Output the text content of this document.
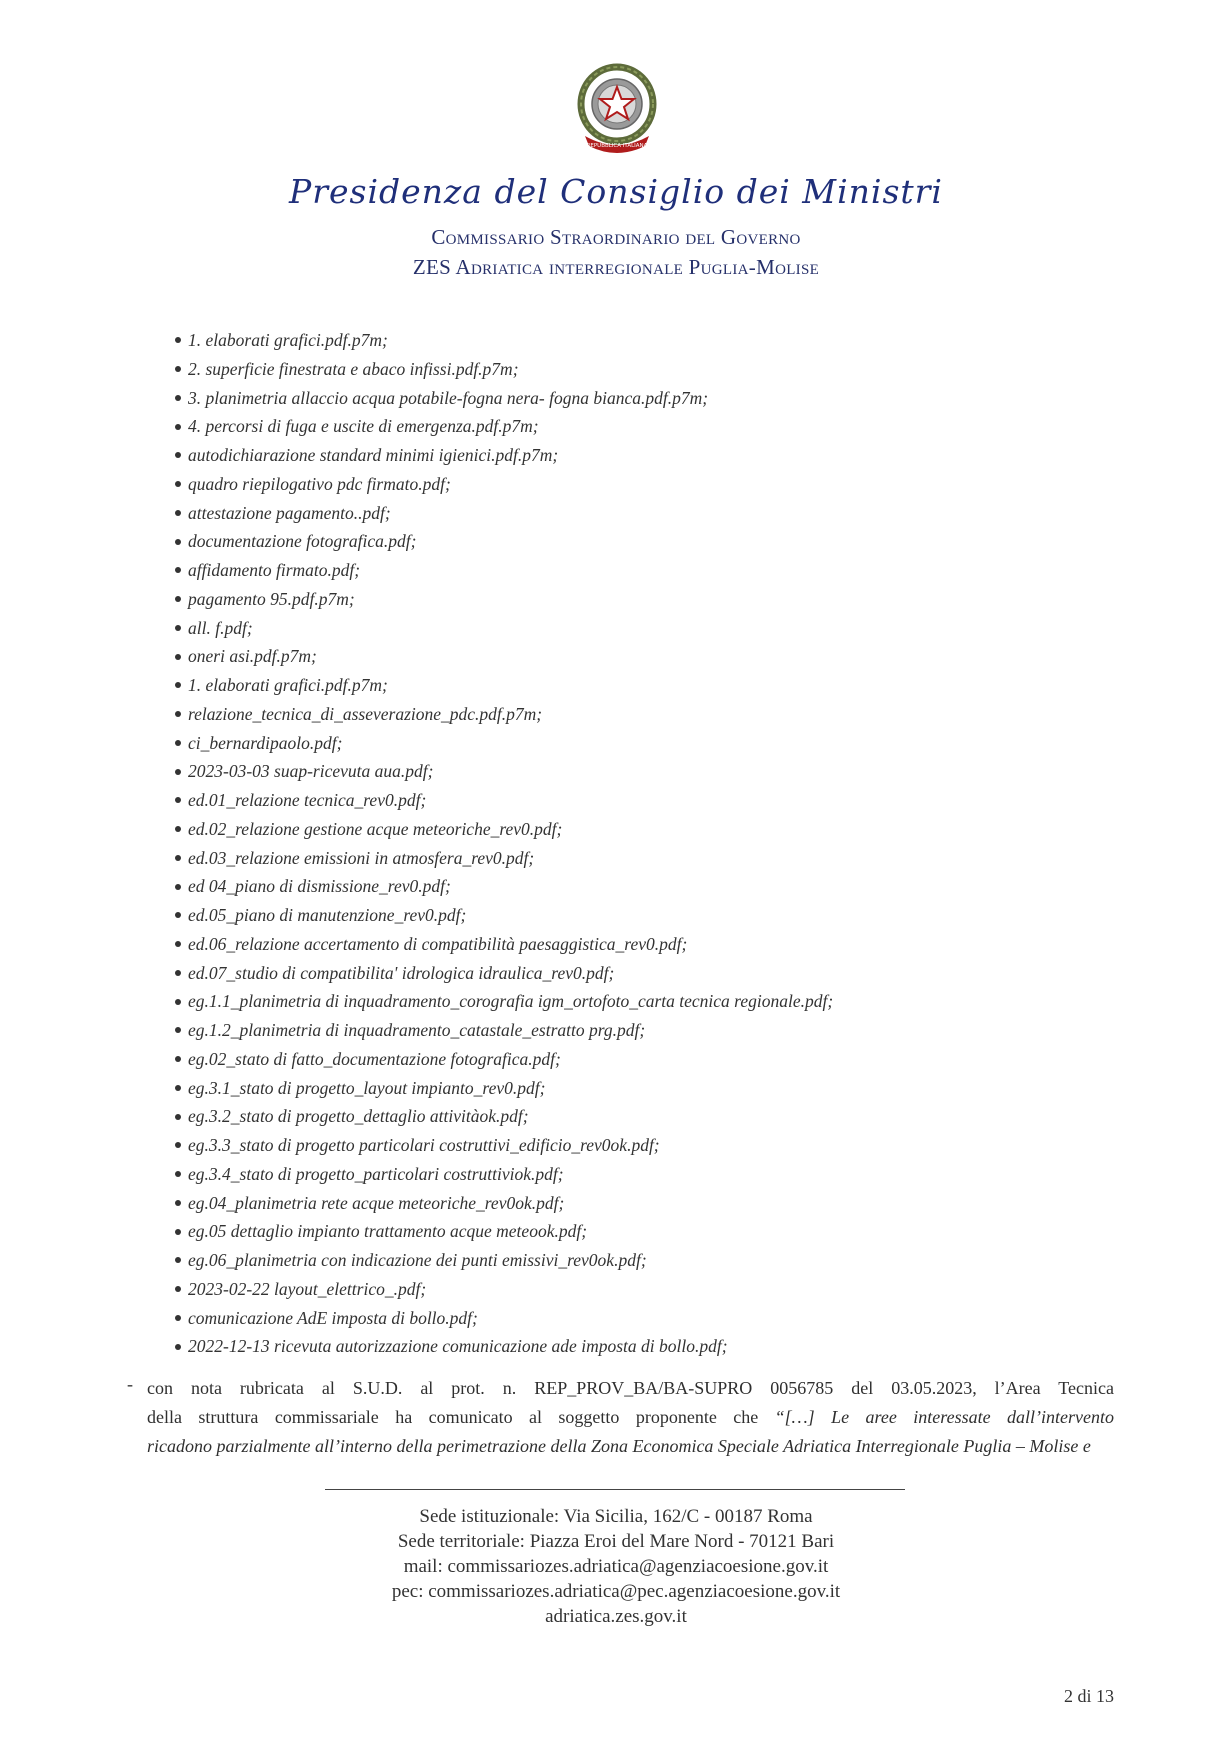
REPUBBLICA ITALIANA
Presidenza del Consiglio dei Ministri
Commissario Straordinario del Governo
ZES Adriatica interregionale Puglia-Molise
1. elaborati grafici.pdf.p7m;
2. superficie finestrata e abaco infissi.pdf.p7m;
3. planimetria allaccio acqua potabile-fogna nera- fogna bianca.pdf.p7m;
4. percorsi di fuga e uscite di emergenza.pdf.p7m;
autodichiarazione standard minimi igienici.pdf.p7m;
quadro riepilogativo pdc firmato.pdf;
attestazione pagamento..pdf;
documentazione fotografica.pdf;
affidamento firmato.pdf;
pagamento 95.pdf.p7m;
all. f.pdf;
oneri asi.pdf.p7m;
1. elaborati grafici.pdf.p7m;
relazione_tecnica_di_asseverazione_pdc.pdf.p7m;
ci_bernardipaolo.pdf;
2023-03-03 suap-ricevuta aua.pdf;
ed.01_relazione tecnica_rev0.pdf;
ed.02_relazione gestione acque meteoriche_rev0.pdf;
ed.03_relazione emissioni in atmosfera_rev0.pdf;
ed 04_piano di dismissione_rev0.pdf;
ed.05_piano di manutenzione_rev0.pdf;
ed.06_relazione accertamento di compatibilità paesaggistica_rev0.pdf;
ed.07_studio di compatibilita' idrologica idraulica_rev0.pdf;
eg.1.1_planimetria di inquadramento_corografia igm_ortofoto_carta tecnica regionale.pdf;
eg.1.2_planimetria di inquadramento_catastale_estratto prg.pdf;
eg.02_stato di fatto_documentazione fotografica.pdf;
eg.3.1_stato di progetto_layout impianto_rev0.pdf;
eg.3.2_stato di progetto_dettaglio attivitàok.pdf;
eg.3.3_stato di progetto particolari costruttivi_edificio_rev0ok.pdf;
eg.3.4_stato di progetto_particolari costruttiviok.pdf;
eg.04_planimetria rete acque meteoriche_rev0ok.pdf;
eg.05 dettaglio impianto trattamento acque meteook.pdf;
eg.06_planimetria con indicazione dei punti emissivi_rev0ok.pdf;
2023-02-22 layout_elettrico_.pdf;
comunicazione AdE imposta di bollo.pdf;
2022-12-13 ricevuta autorizzazione comunicazione ade imposta di bollo.pdf;
- con nota rubricata al S.U.D. al prot. n. REP_PROV_BA/BA-SUPRO 0056785 del 03.05.2023, l’Area Tecnica
della struttura commissariale ha comunicato al soggetto proponente che “[…] Le aree interessate dall’intervento
ricadono parzialmente all’interno della perimetrazione della Zona Economica Speciale Adriatica Interregionale Puglia – Molise e
Sede istituzionale: Via Sicilia, 162/C - 00187 Roma
Sede territoriale: Piazza Eroi del Mare Nord - 70121 Bari
mail: commissariozes.adriatica@agenziacoesione.gov.it
pec: commissariozes.adriatica@pec.agenziacoesione.gov.it
adriatica.zes.gov.it
2 di 13
